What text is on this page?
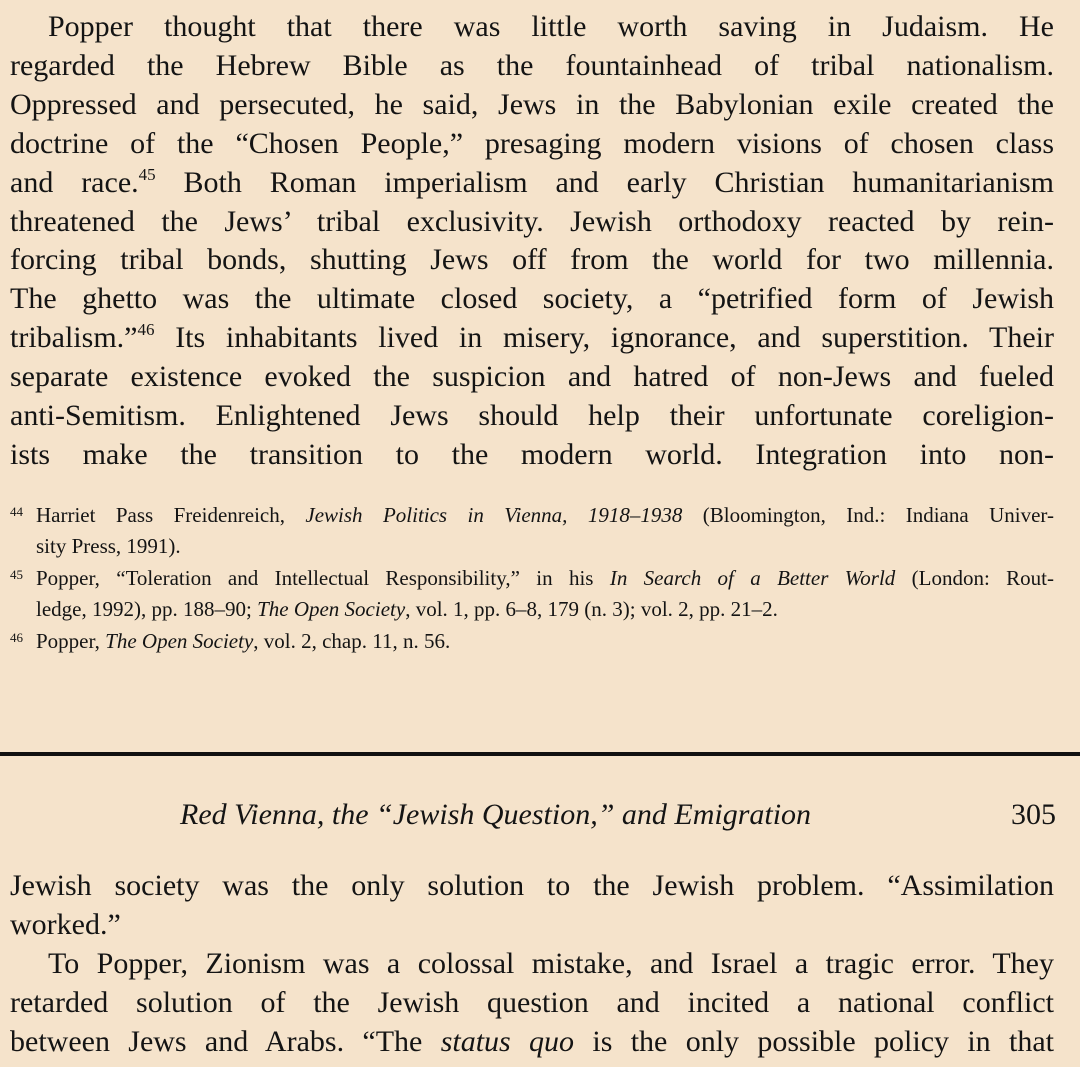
Popper thought that there was little worth saving in Judaism. He
regarded the Hebrew Bible as the fountainhead of tribal nationalism.
Oppressed and persecuted, he said, Jews in the Babylonian exile created the
doctrine of the “Chosen People,” presaging modern visions of chosen class
and race.$^{45}$ Both Roman imperialism and early Christian humanitarianism
threatened the Jews’ tribal exclusivity. Jewish orthodoxy reacted by rein-
forcing tribal bonds, shutting Jews off from the world for two millennia.
The ghetto was the ultimate closed society, a “petrified form of Jewish
tribalism.”$^{46}$ Its inhabitants lived in misery, ignorance, and superstition. Their
separate existence evoked the suspicion and hatred of non-Jews and fueled
anti-Semitism. Enlightened Jews should help their unfortunate coreligion-
ists make the transition to the modern world. Integration into non-
44 Harriet Pass Freidenreich, Jewish Politics in Vienna, 1918–1938 (Bloomington, Ind.: Indiana Univer-
sity Press, 1991).
45 Popper, “Toleration and Intellectual Responsibility,” in his In Search of a Better World (London: Rout-
ledge, 1992), pp. 188–90; The Open Society, vol. 1, pp. 6–8, 179 (n. 3); vol. 2, pp. 21–2.
46 Popper, The Open Society, vol. 2, chap. 11, n. 56.
Red Vienna, the “Jewish Question,” and Emigration	305
Jewish society was the only solution to the Jewish problem. “Assimilation
worked.”
To Popper, Zionism was a colossal mistake, and Israel a tragic error. They
retarded solution of the Jewish question and incited a national conflict
between Jews and Arabs. “The status quo is the only possible policy in that
